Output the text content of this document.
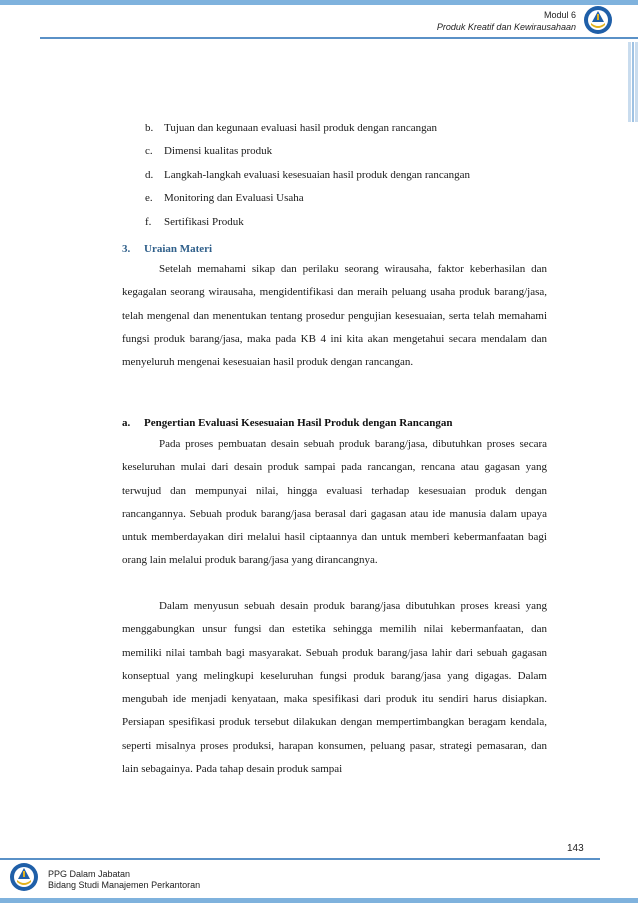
Modul 6
Produk Kreatif dan Kewirausahaan
b. Tujuan dan kegunaan evaluasi hasil produk dengan rancangan
c. Dimensi kualitas produk
d. Langkah-langkah evaluasi kesesuaian hasil produk dengan rancangan
e. Monitoring dan Evaluasi Usaha
f. Sertifikasi Produk
3. Uraian Materi

Setelah memahami sikap dan perilaku seorang wirausaha, faktor keberhasilan dan kegagalan seorang wirausaha, mengidentifikasi dan meraih peluang usaha produk barang/jasa, telah mengenal dan menentukan tentang prosedur pengujian kesesuaian, serta telah memahami fungsi produk barang/jasa, maka pada KB 4 ini kita akan mengetahui secara mendalam dan menyeluruh mengenai kesesuaian hasil produk dengan rancangan.

a. Pengertian Evaluasi Kesesuaian Hasil Produk dengan Rancangan

Pada proses pembuatan desain sebuah produk barang/jasa, dibutuhkan proses secara keseluruhan mulai dari desain produk sampai pada rancangan, rencana atau gagasan yang terwujud dan mempunyai nilai, hingga evaluasi terhadap kesesuaian produk dengan rancangannya. Sebuah produk barang/jasa berasal dari gagasan atau ide manusia dalam upaya untuk memberdayakan diri melalui hasil ciptaannya dan untuk memberi kebermanfaatan bagi orang lain melalui produk barang/jasa yang dirancangnya.

Dalam menyusun sebuah desain produk barang/jasa dibutuhkan proses kreasi yang menggabungkan unsur fungsi dan estetika sehingga memilih nilai kebermanfaatan, dan memiliki nilai tambah bagi masyarakat. Sebuah produk barang/jasa lahir dari sebuah gagasan konseptual yang melingkupi keseluruhan fungsi produk barang/jasa yang digagas. Dalam mengubah ide menjadi kenyataan, maka spesifikasi dari produk itu sendiri harus disiapkan. Persiapan spesifikasi produk tersebut dilakukan dengan mempertimbangkan beragam kendala, seperti misalnya proses produksi, harapan konsumen, peluang pasar, strategi pemasaran, dan lain sebagainya. Pada tahap desain produk sampai

143
PPG Dalam Jabatan
Bidang Studi Manajemen Perkantoran
